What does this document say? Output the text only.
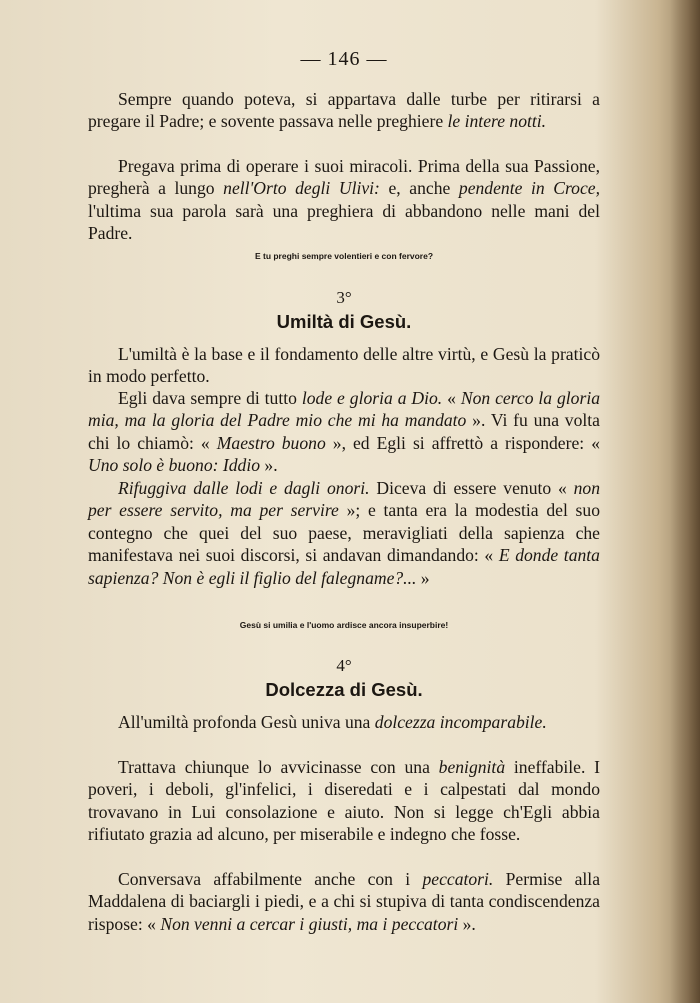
— 146 —

Sempre quando poteva, si appartava dalle turbe per ritirarsi a pregare il Padre; e sovente passava nelle preghiere le intere notti.

Pregava prima di operare i suoi miracoli. Prima della sua Passione, pregherà a lungo nell'Orto degli Ulivi: e, anche pendente in Croce, l'ultima sua parola sarà una preghiera di abbandono nelle mani del Padre.

E tu preghi sempre volentieri e con fervore?
3°
Umiltà di Gesù.

L'umiltà è la base e il fondamento delle altre virtù, e Gesù la praticò in modo perfetto.

Egli dava sempre di tutto lode e gloria a Dio. « Non cerco la gloria mia, ma la gloria del Padre mio che mi ha mandato ». Vi fu una volta chi lo chiamò: « Maestro buono », ed Egli si affrettò a rispondere: « Uno solo è buono: Iddio ».

Rifuggiva dalle lodi e dagli onori. Diceva di essere venuto « non per essere servito, ma per servire »; e tanta era la modestia del suo contegno che quei del suo paese, meravigliati della sapienza che manifestava nei suoi discorsi, si andavan dimandando: « E donde tanta sapienza? Non è egli il figlio del falegname?... »

Gesù si umilia e l'uomo ardisce ancora insuperbire!
4°
Dolcezza di Gesù.

All'umiltà profonda Gesù univa una dolcezza incomparabile.

Trattava chiunque lo avvicinasse con una benignità ineffabile. I poveri, i deboli, gl'infelici, i diseredati e i calpestati dal mondo trovavano in Lui consolazione e aiuto. Non si legge ch'Egli abbia rifiutato grazia ad alcuno, per miserabile e indegno che fosse.

Conversava affabilmente anche con i peccatori. Permise alla Maddalena di baciargli i piedi, e a chi si stupiva di tanta condiscendenza rispose: « Non venni a cercar i giusti, ma i peccatori ».
